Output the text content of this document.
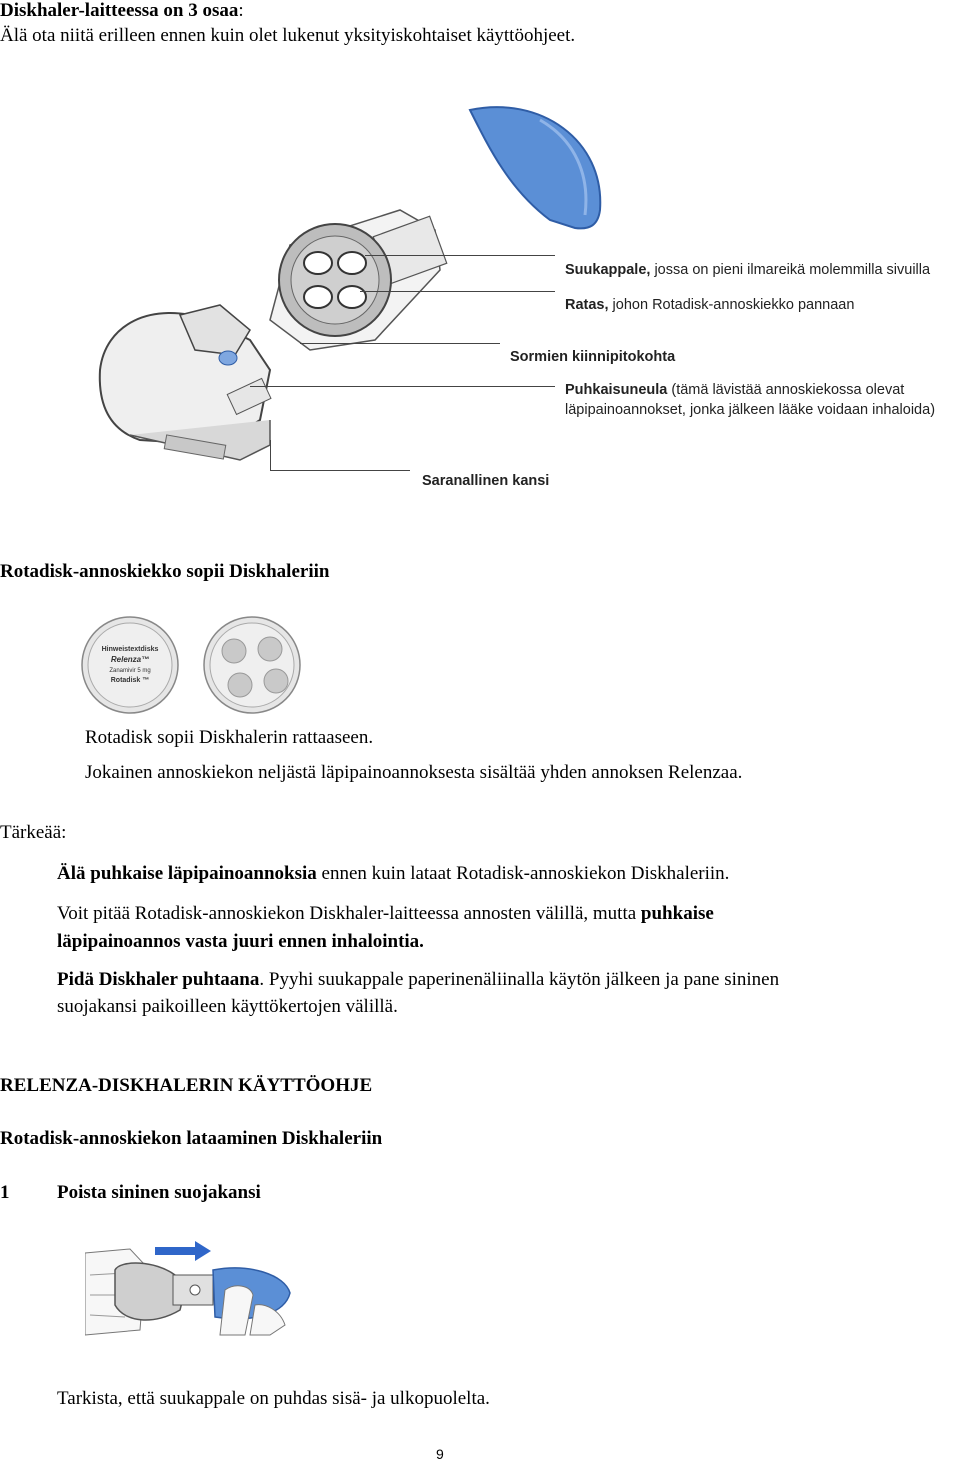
Diskhaler-laitteessa on 3 osaa:
Älä ota niitä erilleen ennen kuin olet lukenut yksityiskohtaiset käyttöohjeet.
Suukappale, jossa on pieni ilmareikä molemmilla sivuilla
Ratas, johon Rotadisk-annoskiekko pannaan
Sormien kiinnipitokohta
Puhkaisuneula (tämä lävistää annoskiekossa olevat
läpipainoannokset, jonka jälkeen lääke voidaan inhaloida)
Saranallinen kansi
Rotadisk-annoskiekko sopii Diskhaleriin
Hinweistextdisks
Relenza™
Zanamivir 5 mg
Rotadisk ™
Rotadisk sopii Diskhalerin rattaaseen.
Jokainen annoskiekon neljästä läpipainoannoksesta sisältää yhden annoksen Relenzaa.
Tärkeää:
Älä puhkaise läpipainoannoksia ennen kuin lataat Rotadisk-annoskiekon Diskhaleriin.
Voit pitää Rotadisk-annoskiekon Diskhaler-laitteessa annosten välillä, mutta puhkaise
läpipainoannos vasta juuri ennen inhalointia.
Pidä Diskhaler puhtaana. Pyyhi suukappale paperinenäliinalla käytön jälkeen ja pane sininen
suojakansi paikoilleen käyttökertojen välillä.
RELENZA-DISKHALERIN KÄYTTÖOHJE
Rotadisk-annoskiekon lataaminen Diskhaleriin
1	Poista sininen suojakansi
Tarkista, että suukappale on puhdas sisä- ja ulkopuolelta.
9
